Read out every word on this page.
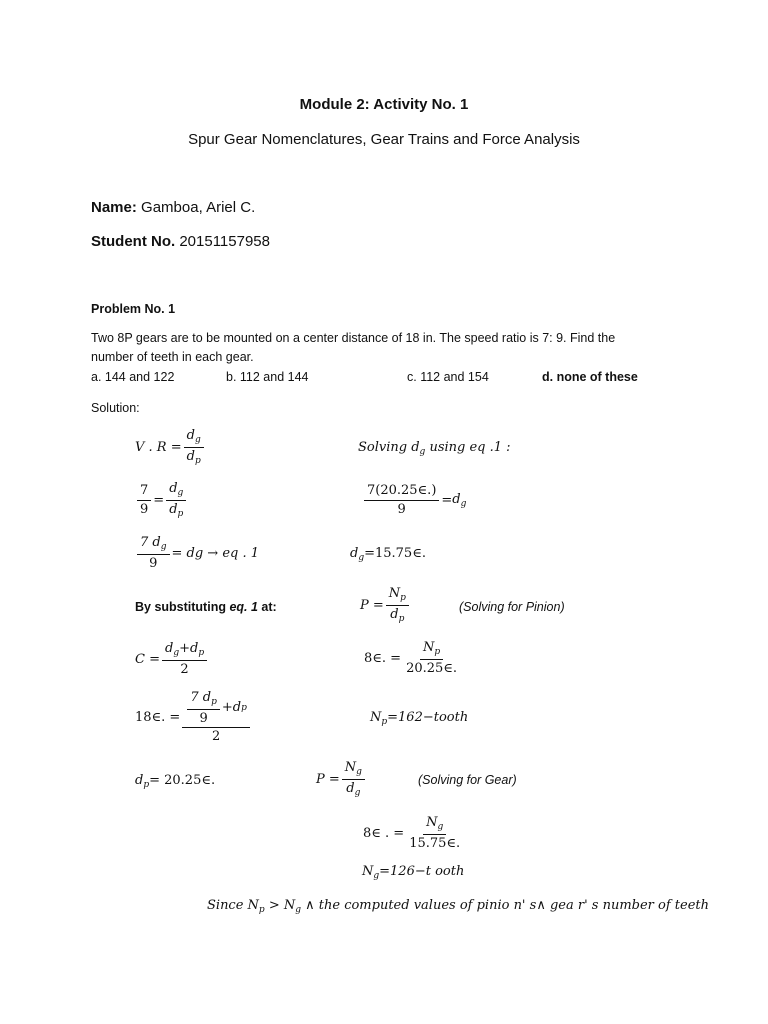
Module 2: Activity No. 1
Spur Gear Nomenclatures, Gear Trains and Force Analysis
Name: Gamboa, Ariel C.
Student No. 20151157958
Problem No. 1
Two 8P gears are to be mounted on a center distance of 18 in. The speed ratio is 7: 9. Find the
number of teeth in each gear.
a. 144 and 122	b. 112 and 144	c. 112 and 154	d. none of these
Solution:
V . $R = \frac{d_g}{d_p}$	Solving $d_g$ using eq .1 :
$\frac{7}{9} = \frac{d_g}{d_p}$	$\frac{7(20.25\in.)}{9} = d_g$
$\frac{7 d_g}{9}$ = dg → eq . 1	$d_g=15.75\in$.
By substituting eq. 1 at:	$P = \frac{N_p}{d_p}$	(Solving for Pinion)
$C = \frac{d_g+d_p}{2}$	8∈. = $\frac{N_p}{20.25\in.}$
18∈. = $\frac{\frac{7 d_p}{9} + d p}{2}$	$N_p=162-tooth$
$d_p=$ 20.25∈.	$P = \frac{N_g}{d_g}$	(Solving for Gear)
8∈ . = $\frac{N_g}{15.75\in.}$
$N_g=126-t$ ooth
Since $N_p > N_g$ ∧ the computed values of pinio n' s∧ gea r' s number of teeth
